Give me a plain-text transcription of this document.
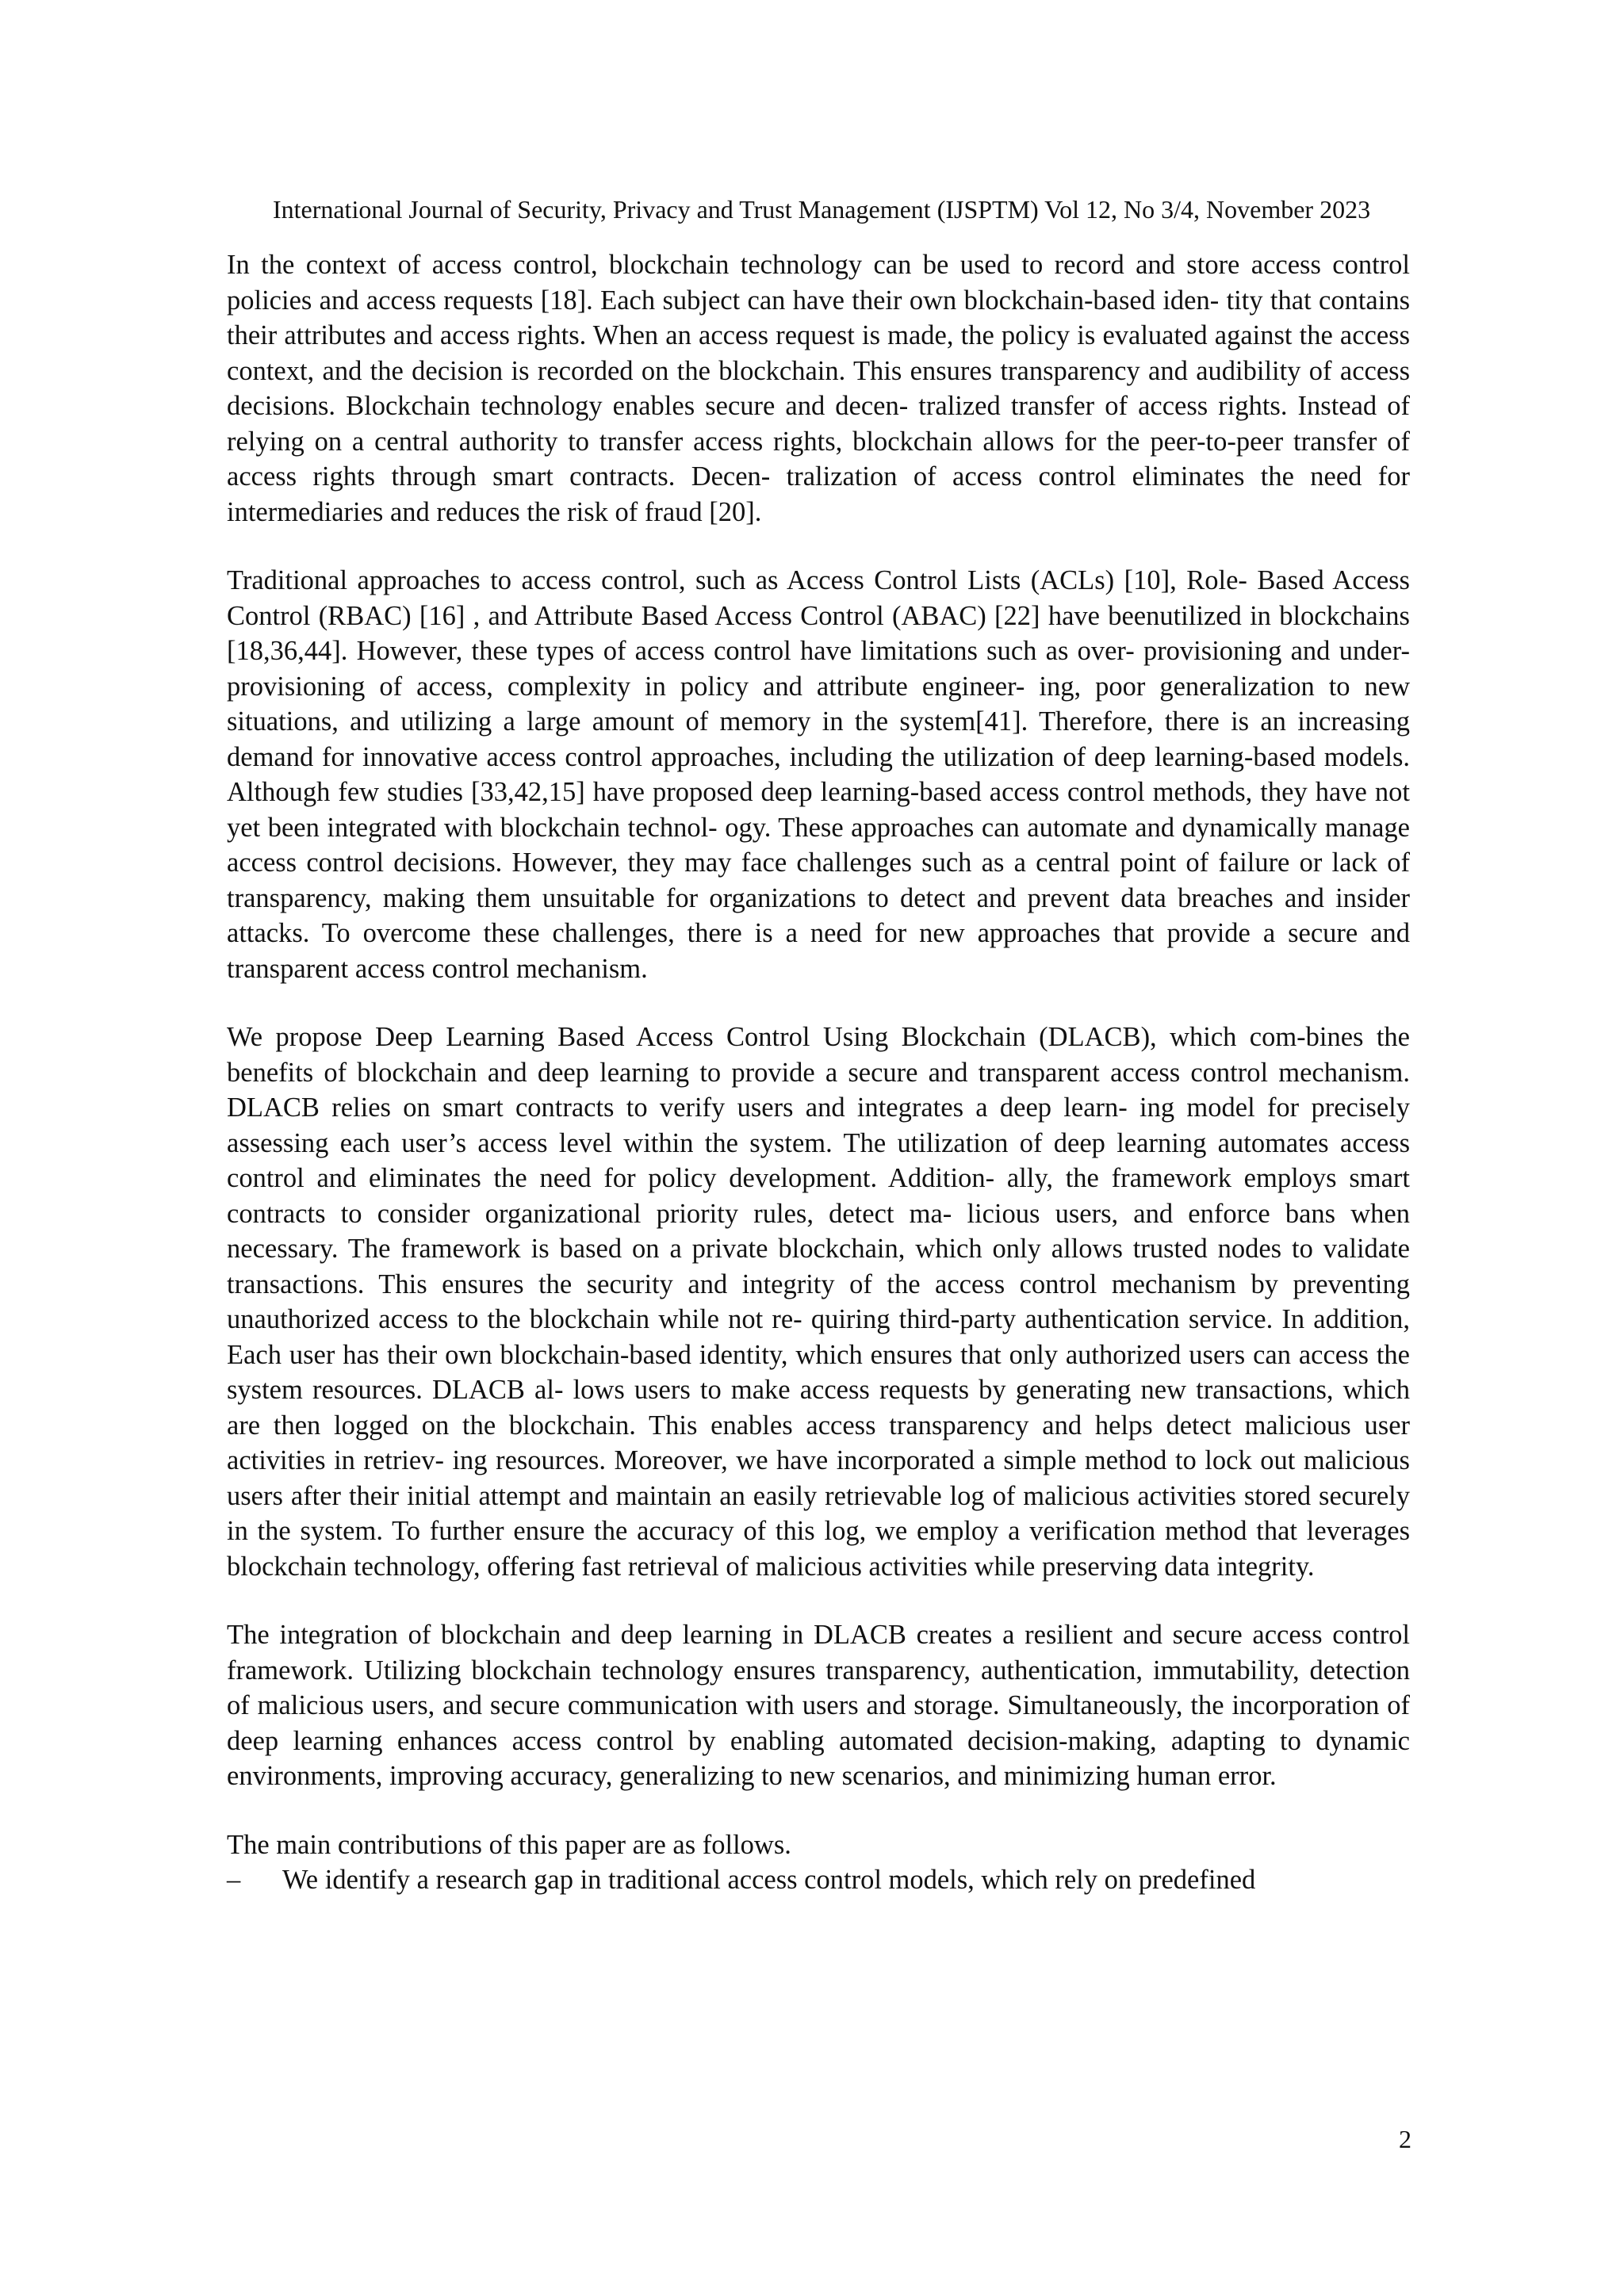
International Journal of Security, Privacy and Trust Management (IJSPTM) Vol 12, No 3/4, November 2023

In the context of access control, blockchain technology can be used to record and store access control policies and access requests [18]. Each subject can have their own blockchain-based iden- tity that contains their attributes and access rights. When an access request is made, the policy is evaluated against the access context, and the decision is recorded on the blockchain. This ensures transparency and audibility of access decisions. Blockchain technology enables secure and decen- tralized transfer of access rights. Instead of relying on a central authority to transfer access rights, blockchain allows for the peer-to-peer transfer of access rights through smart contracts. Decen- tralization of access control eliminates the need for intermediaries and reduces the risk of fraud [20].

Traditional approaches to access control, such as Access Control Lists (ACLs) [10], Role- Based Access Control (RBAC) [16] , and Attribute Based Access Control (ABAC) [22] have beenutilized in blockchains [18,36,44]. However, these types of access control have limitations such as over- provisioning and under-provisioning of access, complexity in policy and attribute engineer- ing, poor generalization to new situations, and utilizing a large amount of memory in the system[41]. Therefore, there is an increasing demand for innovative access control approaches, including the utilization of deep learning-based models. Although few studies [33,42,15] have proposed deep learning-based access control methods, they have not yet been integrated with blockchain technol- ogy. These approaches can automate and dynamically manage access control decisions. However, they may face challenges such as a central point of failure or lack of transparency, making them unsuitable for organizations to detect and prevent data breaches and insider attacks. To overcome these challenges, there is a need for new approaches that provide a secure and transparent access control mechanism.

We propose Deep Learning Based Access Control Using Blockchain (DLACB), which com-bines the benefits of blockchain and deep learning to provide a secure and transparent access control mechanism. DLACB relies on smart contracts to verify users and integrates a deep learn- ing model for precisely assessing each user’s access level within the system. The utilization of deep learning automates access control and eliminates the need for policy development. Addition- ally, the framework employs smart contracts to consider organizational priority rules, detect ma- licious users, and enforce bans when necessary. The framework is based on a private blockchain, which only allows trusted nodes to validate transactions. This ensures the security and integrity of the access control mechanism by preventing unauthorized access to the blockchain while not re- quiring third-party authentication service. In addition, Each user has their own blockchain-based identity, which ensures that only authorized users can access the system resources. DLACB al- lows users to make access requests by generating new transactions, which are then logged on the blockchain. This enables access transparency and helps detect malicious user activities in retriev- ing resources. Moreover, we have incorporated a simple method to lock out malicious users after their initial attempt and maintain an easily retrievable log of malicious activities stored securely in the system. To further ensure the accuracy of this log, we employ a verification method that leverages blockchain technology, offering fast retrieval of malicious activities while preserving data integrity.

The integration of blockchain and deep learning in DLACB creates a resilient and secure access control framework. Utilizing blockchain technology ensures transparency, authentication, immutability, detection of malicious users, and secure communication with users and storage. Simultaneously, the incorporation of deep learning enhances access control by enabling automated decision-making, adapting to dynamic environments, improving accuracy, generalizing to new scenarios, and minimizing human error.

The main contributions of this paper are as follows.

–	We identify a research gap in traditional access control models, which rely on predefined
2
